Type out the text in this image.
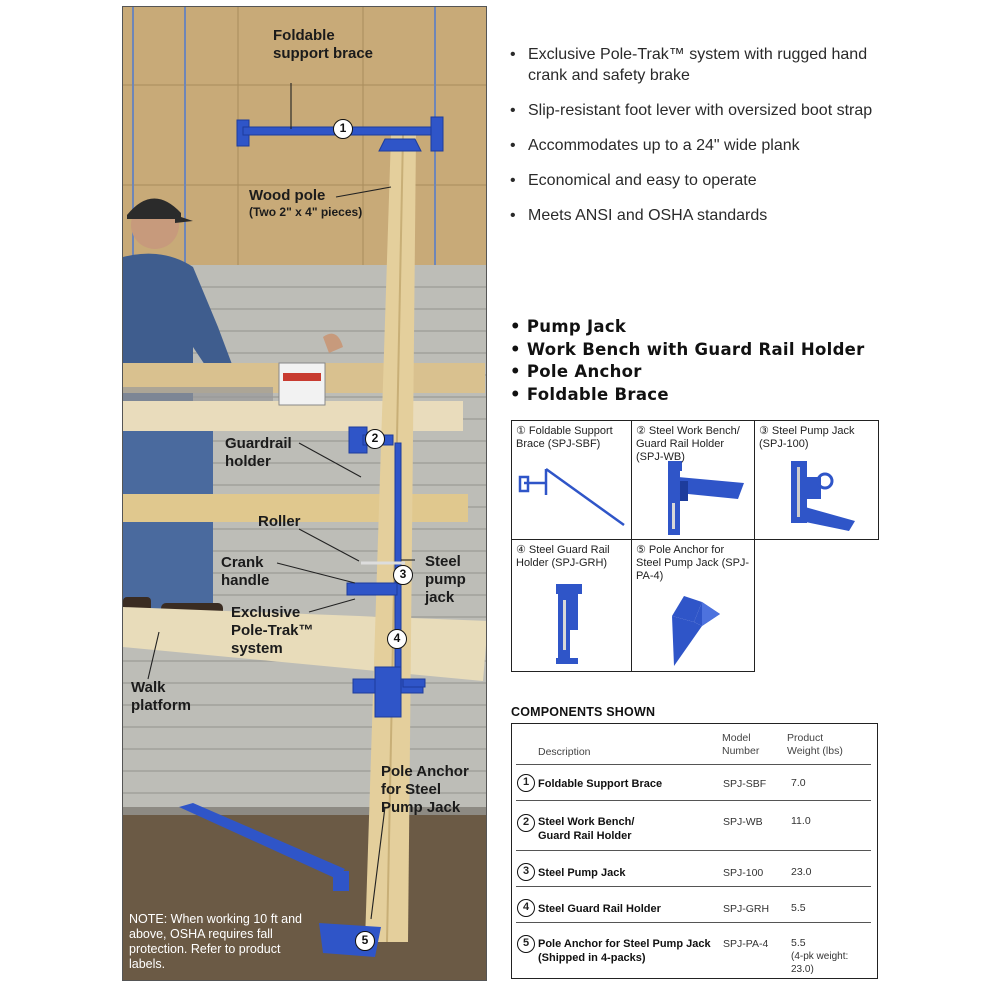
Foldable support brace
Wood pole
(Two 2" x 4" pieces)
Guardrail holder
Roller
Crank handle
Steel pump jack
Exclusive Pole-Trak™ system
Walk platform
Pole Anchor for Steel Pump Jack
1
2
3
4
5
NOTE: When working 10 ft and above, OSHA requires fall protection. Refer to product labels.
• Exclusive Pole-Trak™ system with rugged hand crank and safety brake
• Slip-resistant foot lever with oversized boot strap
• Accommodates up to a 24" wide plank
• Economical and easy to operate
• Meets ANSI and OSHA standards
• Pump Jack
• Work Bench with Guard Rail Holder
• Pole Anchor
• Foldable Brace
① Foldable Support Brace (SPJ-SBF)
② Steel Work Bench/ Guard Rail Holder (SPJ-WB)
③ Steel Pump Jack (SPJ-100)
④ Steel Guard Rail Holder (SPJ-GRH)
⑤ Pole Anchor for Steel Pump Jack (SPJ-PA-4)
COMPONENTS SHOWN
Description
Model Number
Product Weight (lbs)
1 Foldable Support Brace	SPJ-SBF 7.0
2 Steel Work Bench/ Guard Rail Holder
SPJ-WB	11.0
3 Steel Pump Jack	SPJ-100	23.0
4 Steel Guard Rail Holder	SPJ-GRH 5.5
5 Pole Anchor for Steel Pump Jack (Shipped in 4-packs)
SPJ-PA-4 5.5
(4-pk weight: 23.0)
